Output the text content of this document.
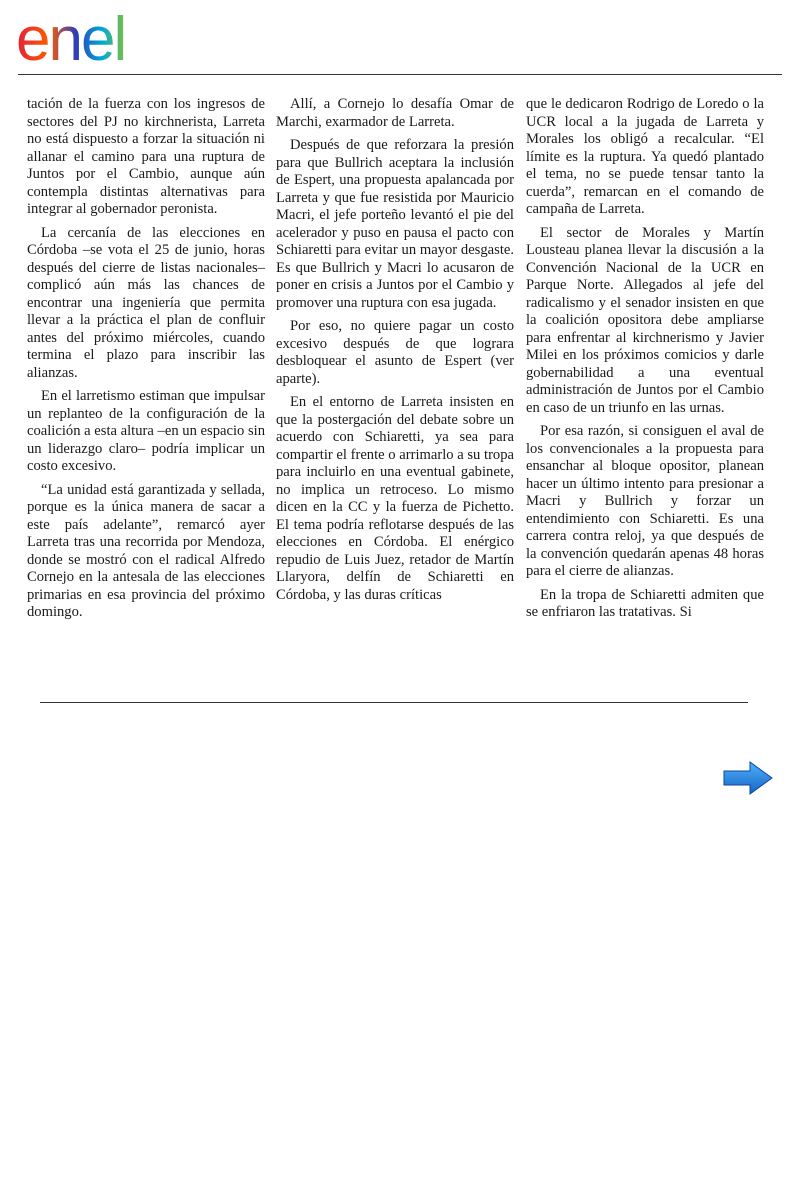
enel

tación de la fuerza con los ingresos de sectores del PJ no kirchnerista, Larreta no está dispuesto a forzar la situación ni allanar el camino para una ruptura de Juntos por el Cambio, aunque aún contempla distintas alternativas para integrar al gobernador peronista.

La cercanía de las elecciones en Córdoba –se vota el 25 de junio, horas después del cierre de listas nacionales– complicó aún más las chances de encontrar una ingeniería que permita llevar a la práctica el plan de confluir antes del próximo miércoles, cuando termina el plazo para inscribir las alianzas.

En el larretismo estiman que impulsar un replanteo de la configuración de la coalición a esta altura –en un espacio sin un liderazgo claro– podría implicar un costo excesivo.

“La unidad está garantizada y sellada, porque es la única manera de sacar a este país adelante”, remarcó ayer Larreta tras una recorrida por Mendoza, donde se mostró con el radical Alfredo Cornejo en la antesala de las elecciones primarias en esa provincia del próximo domingo.

Allí, a Cornejo lo desafía Omar de Marchi, exarmador de Larreta.

Después de que reforzara la presión para que Bullrich aceptara la inclusión de Espert, una propuesta apalancada por Larreta y que fue resistida por Mauricio Macri, el jefe porteño levantó el pie del acelerador y puso en pausa el pacto con Schiaretti para evitar un mayor desgaste. Es que Bullrich y Macri lo acusaron de poner en crisis a Juntos por el Cambio y promover una ruptura con esa jugada.

Por eso, no quiere pagar un costo excesivo después de que lograra desbloquear el asunto de Espert (ver aparte).

En el entorno de Larreta insisten en que la postergación del debate sobre un acuerdo con Schiaretti, ya sea para compartir el frente o arrimarlo a su tropa para incluirlo en una eventual gabinete, no implica un retroceso. Lo mismo dicen en la CC y la fuerza de Pichetto. El tema podría reflotarse después de las elecciones en Córdoba. El enérgico repudio de Luis Juez, retador de Martín Llaryora, delfín de Schiaretti en Córdoba, y las duras críticas

que le dedicaron Rodrigo de Loredo o la UCR local a la jugada de Larreta y Morales los obligó a recalcular. “El límite es la ruptura. Ya quedó plantado el tema, no se puede tensar tanto la cuerda”, remarcan en el comando de campaña de Larreta.

El sector de Morales y Martín Lousteau planea llevar la discusión a la Convención Nacional de la UCR en Parque Norte. Allegados al jefe del radicalismo y el senador insisten en que la coalición opositora debe ampliarse para enfrentar al kirchnerismo y Javier Milei en los próximos comicios y darle gobernabilidad a una eventual administración de Juntos por el Cambio en caso de un triunfo en las urnas.

Por esa razón, si consiguen el aval de los convencionales a la propuesta para ensanchar al bloque opositor, planean hacer un último intento para presionar a Macri y Bullrich y forzar un entendimiento con Schiaretti. Es una carrera contra reloj, ya que después de la convención quedarán apenas 48 horas para el cierre de alianzas.

En la tropa de Schiaretti admiten que se enfriaron las tratativas. Si
